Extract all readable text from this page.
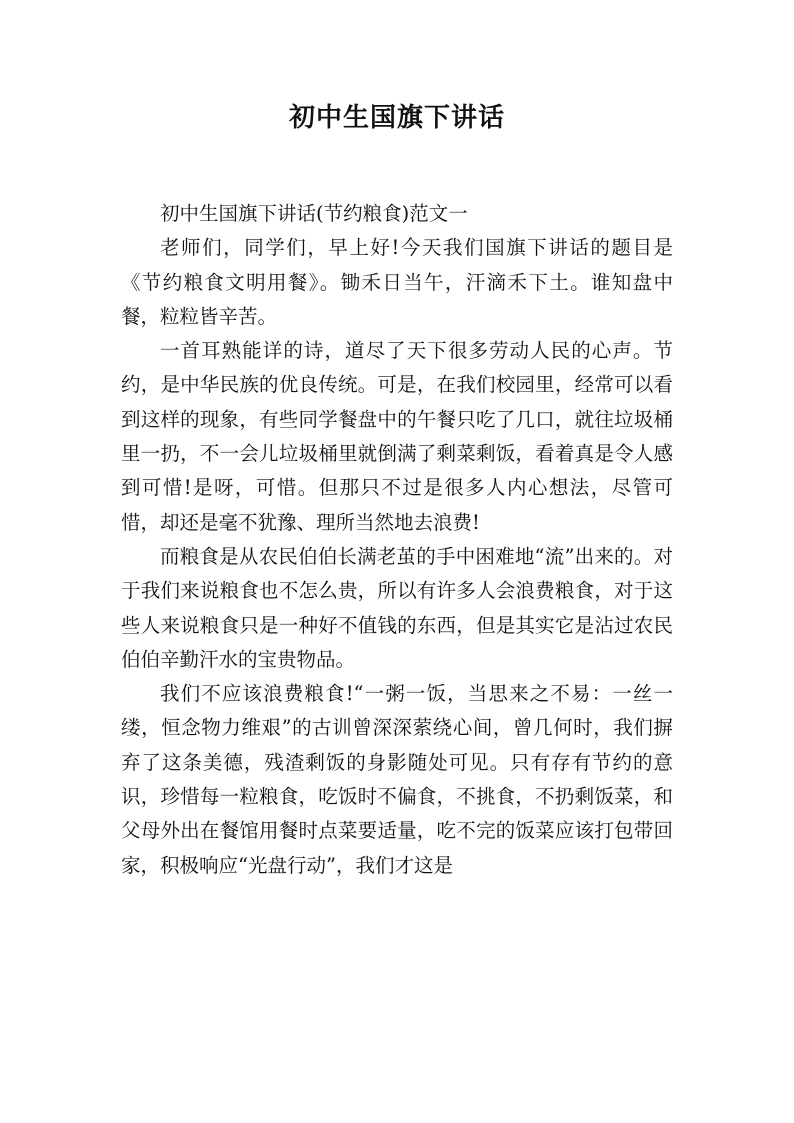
初中生国旗下讲话

初中生国旗下讲话(节约粮食)范文一

老师们，同学们，早上好!今天我们国旗下讲话的题目是《节约粮食文明用餐》。锄禾日当午，汗滴禾下土。谁知盘中餐，粒粒皆辛苦。

一首耳熟能详的诗，道尽了天下很多劳动人民的心声。节约，是中华民族的优良传统。可是，在我们校园里，经常可以看到这样的现象，有些同学餐盘中的午餐只吃了几口，就往垃圾桶里一扔，不一会儿垃圾桶里就倒满了剩菜剩饭，看着真是令人感到可惜!是呀，可惜。但那只不过是很多人内心想法，尽管可惜，却还是毫不犹豫、理所当然地去浪费!

而粮食是从农民伯伯长满老茧的手中困难地“流”出来的。对于我们来说粮食也不怎么贵，所以有许多人会浪费粮食，对于这些人来说粮食只是一种好不值钱的东西，但是其实它是沾过农民伯伯辛勤汗水的宝贵物品。

我们不应该浪费粮食!“一粥一饭，当思来之不易：一丝一缕，恒念物力维艰”的古训曾深深萦绕心间，曾几何时，我们摒弃了这条美德，残渣剩饭的身影随处可见。只有存有节约的意识，珍惜每一粒粮食，吃饭时不偏食，不挑食，不扔剩饭菜，和父母外出在餐馆用餐时点菜要适量，吃不完的饭菜应该打包带回家，积极响应“光盘行动”，我们才这是
